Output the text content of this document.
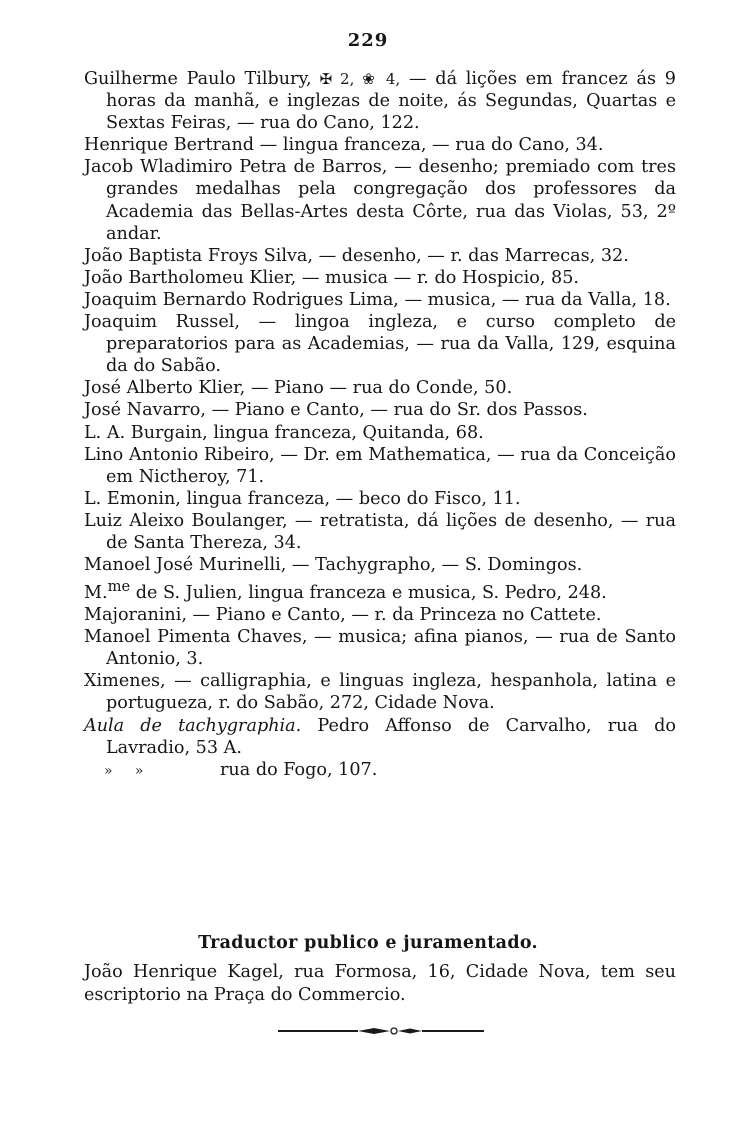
229

Guilherme Paulo Tilbury, ✠ 2, ❀ 4, — dá lições em francez ás 9 horas da manhã, e inglezas de noite, ás Segundas, Quartas e Sextas Feiras, — rua do Cano, 122.

Henrique Bertrand — lingua franceza, — rua do Cano, 34.

Jacob Wladimiro Petra de Barros, — desenho; premiado com tres grandes medalhas pela congregação dos professores da Academia das Bellas-Artes desta Côrte, rua das Violas, 53, 2º andar.

João Baptista Froys Silva, — desenho, — r. das Marrecas, 32.

João Bartholomeu Klier, — musica — r. do Hospicio, 85.

Joaquim Bernardo Rodrigues Lima, — musica, — rua da Valla, 18.

Joaquim Russel, — lingoa ingleza, e curso completo de preparatorios para as Academias, — rua da Valla, 129, esquina da do Sabão.

José Alberto Klier, — Piano — rua do Conde, 50.

José Navarro, — Piano e Canto, — rua do Sr. dos Passos.

L. A. Burgain, lingua franceza, Quitanda, 68.

Lino Antonio Ribeiro, — Dr. em Mathematica, — rua da Conceição em Nictheroy, 71.

L. Emonin, lingua franceza, — beco do Fisco, 11.

Luiz Aleixo Boulanger, — retratista, dá lições de desenho, — rua de Santa Thereza, 34.

Manoel José Murinelli, — Tachygrapho, — S. Domingos.

M.$^{me}$ de S. Julien, lingua franceza e musica, S. Pedro, 248.

Majoranini, — Piano e Canto, — r. da Princeza no Cattete.

Manoel Pimenta Chaves, — musica; afina pianos, — rua de Santo Antonio, 3.

Ximenes, — calligraphia, e linguas ingleza, hespanhola, latina e portugueza, r. do Sabão, 272, Cidade Nova.

Aula de tachygraphia. Pedro Affonso de Carvalho, rua do Lavradio, 53 A.

»     »	rua do Fogo, 107.
Traductor publico e juramentado.
João Henrique Kagel, rua Formosa, 16, Cidade Nova, tem seu escriptorio na Praça do Commercio.
